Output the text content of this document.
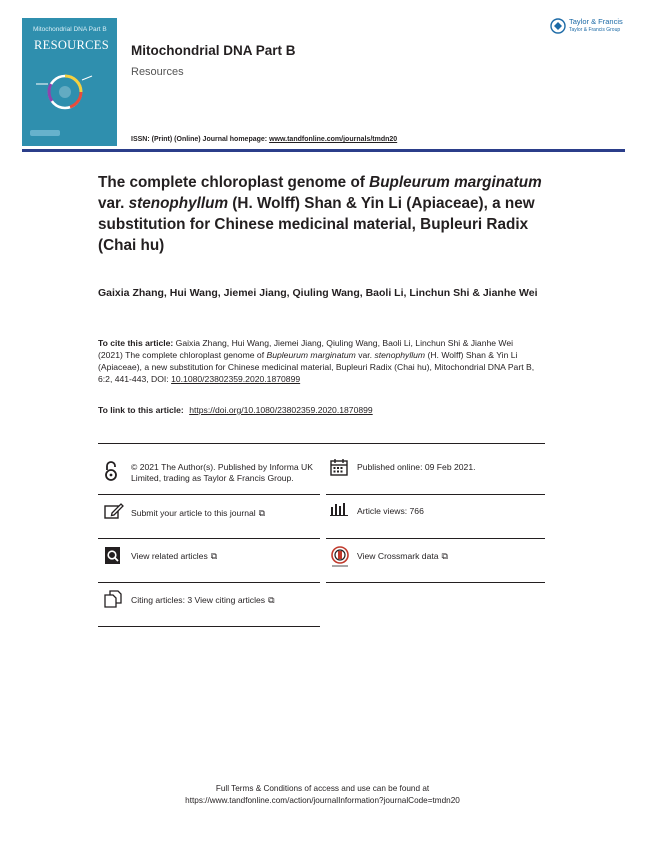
Mitochondrial DNA Part B
RESOURCES Mitochondrial DNA Part B
Resources
ISSN: (Print) (Online) Journal homepage: www.tandfonline.com/journals/tmdn20
Taylor & Francis
Taylor & Francis Group
The complete chloroplast genome of Bupleurum marginatum var. stenophyllum (H. Wolff) Shan & Yin Li (Apiaceae), a new substitution for Chinese medicinal material, Bupleuri Radix (Chai hu)
Gaixia Zhang, Hui Wang, Jiemei Jiang, Qiuling Wang, Baoli Li, Linchun Shi & Jianhe Wei
To cite this article: Gaixia Zhang, Hui Wang, Jiemei Jiang, Qiuling Wang, Baoli Li, Linchun Shi & Jianhe Wei (2021) The complete chloroplast genome of Bupleurum marginatum var. stenophyllum (H. Wolff) Shan & Yin Li (Apiaceae), a new substitution for Chinese medicinal material, Bupleuri Radix (Chai hu), Mitochondrial DNA Part B, 6:2, 441-443, DOI: 10.1080/23802359.2020.1870899
To link to this article: https://doi.org/10.1080/23802359.2020.1870899
© 2021 The Author(s). Published by Informa UK Limited, trading as Taylor & Francis Group.
Published online: 09 Feb 2021.
Submit your article to this journal ⧉	Article views: 766
View related articles ⧉	View Crossmark data ⧉
Citing articles: 3 View citing articles ⧉
Full Terms & Conditions of access and use can be found at
https://www.tandfonline.com/action/journalInformation?journalCode=tmdn20
